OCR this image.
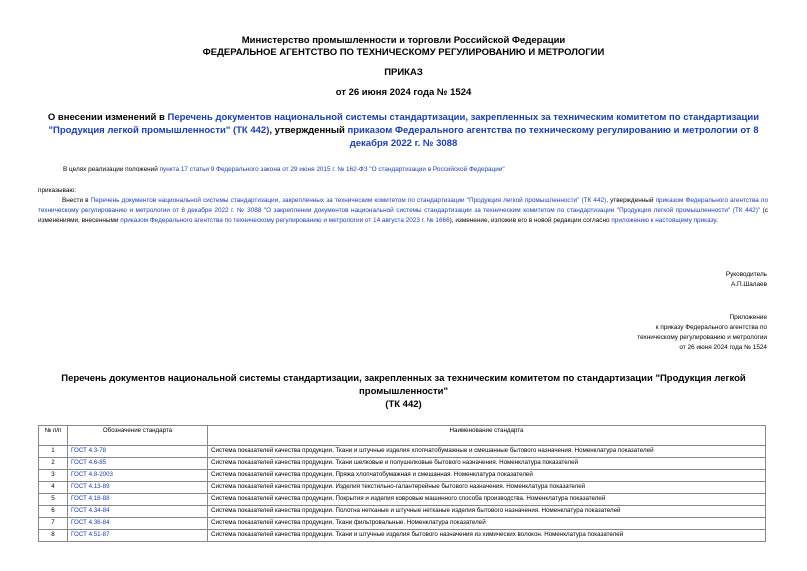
Министерство промышленности и торговли Российской Федерации
ФЕДЕРАЛЬНОЕ АГЕНТСТВО ПО ТЕХНИЧЕСКОМУ РЕГУЛИРОВАНИЮ И МЕТРОЛОГИИ
ПРИКАЗ
от 26 июня 2024 года № 1524
О внесении изменений в Перечень документов национальной системы стандартизации, закрепленных за техническим комитетом по стандартизации "Продукция легкой промышленности" (ТК 442), утвержденный приказом Федерального агентства по техническому регулированию и метрологии от 8 декабря 2022 г. № 3088
В целях реализации положений пункта 17 статьи 9 Федерального закона от 29 июня 2015 г. № 162-ФЗ "О стандартизации в Российской Федерации"
приказываю:
Внести в Перечень документов национальной системы стандартизации, закрепленных за техническим комитетом по стандартизации "Продукция легкой промышленности" (ТК 442), утвержденный приказом Федерального агентства по техническому регулированию и метрологии от 8 декабря 2022 г. № 3088 "О закреплении документов национальной системы стандартизации за техническим комитетом по стандартизации "Продукция легкой промышленности" (ТК 442)" (с изменениями, внесенными приказом Федерального агентства по техническому регулированию и метрологии от 14 августа 2023 г. № 1666), изменение, изложив его в новой редакции согласно приложению к настоящему приказу.
Руководитель
А.П.Шалаев
Приложение
к приказу Федерального агентства по
техническому регулированию и метрологии
от 26 июня 2024 года № 1524
Перечень документов национальной системы стандартизации, закрепленных за техническим комитетом по стандартизации "Продукция легкой промышленности"
(ТК 442)
№ п/п	Обозначение стандарта	Наименование стандарта
1	ГОСТ 4.3-78	Система показателей качества продукции. Ткани и штучные изделия хлопчатобумажные и смешанные бытового назначения. Номенклатура показателей
2	ГОСТ 4.6-85	Система показателей качества продукции. Ткани шелковые и полушелковые бытового назначения. Номенклатура показателей
3	ГОСТ 4.8-2003	Система показателей качества продукции. Пряжа хлопчатобумажная и смешанная. Номенклатура показателей
4	ГОСТ 4.13-89	Система показателей качества продукции. Изделия текстильно-галантерейные бытового назначения. Номенклатура показателей
5	ГОСТ 4.18-88	Система показателей качества продукции. Покрытия и изделия ковровые машинного способа производства. Номенклатура показателей
6	ГОСТ 4.34-84	Система показателей качества продукции. Полотна нетканые и штучные нетканые изделия бытового назначения. Номенклатура показателей
7	ГОСТ 4.36-84	Система показателей качества продукции. Ткани фильтровальные. Номенклатура показателей
8	ГОСТ 4.51-87	Система показателей качества продукции. Ткани и штучные изделия бытового назначения из химических волокон. Номенклатура показателей
